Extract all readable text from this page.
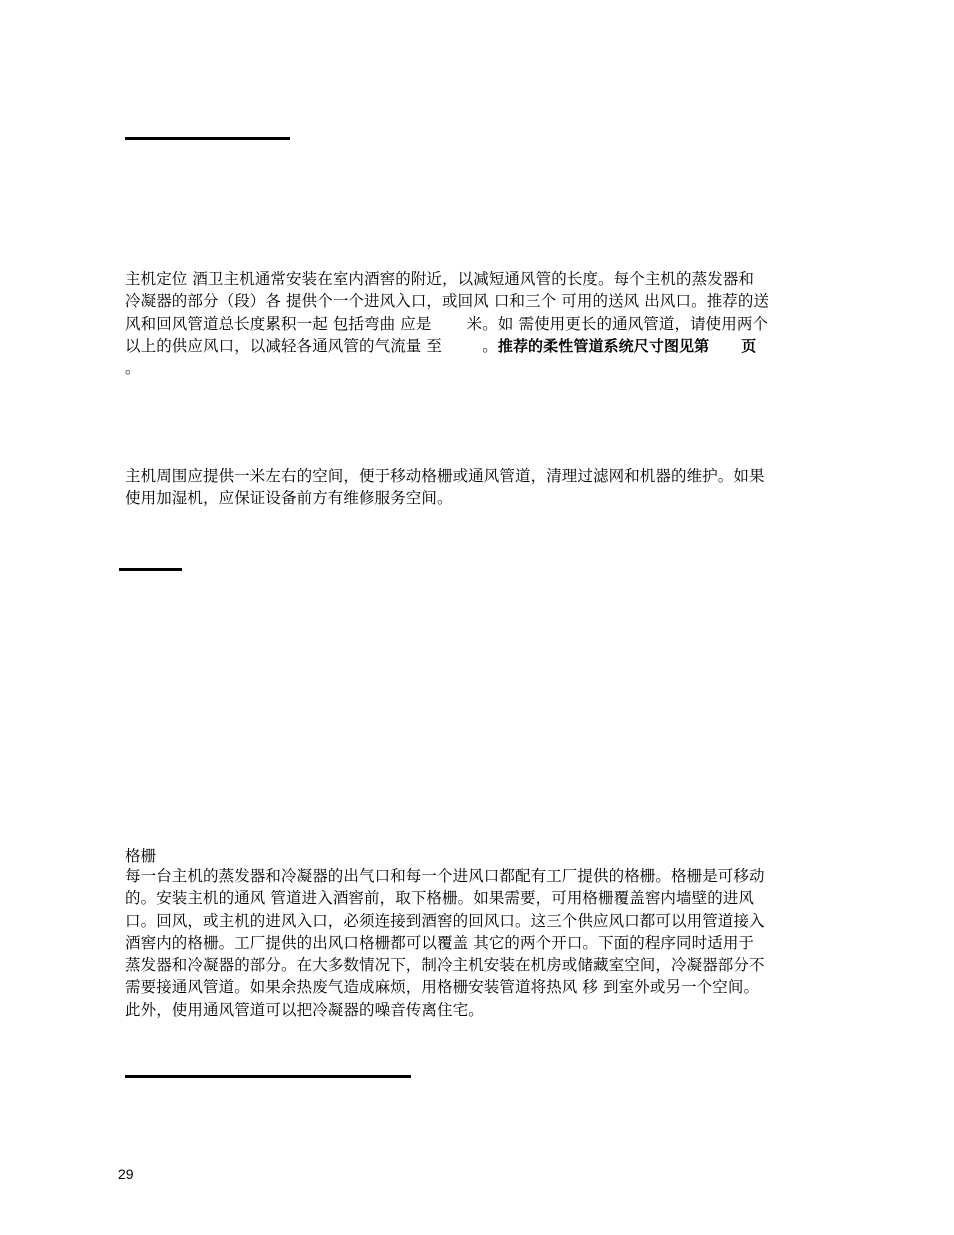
主机定位 酒卫主机通常安装在室内酒窖的附近，以减短通风管的长度。每个主机的蒸发器和
冷凝器的部分（段）各 提供个一个进风入口，或回风 口和三个 可用的送风 出风口。推荐的送
风和回风管道总长度累积一起 包括弯曲 应是       米。如 需使用更长的通风管道，请使用两个
以上的供应风口，以减轻各通风管的气流量 至        。推荐的柔性管道系统尺寸图见第      页
。
主机周围应提供一米左右的空间，便于移动格栅或通风管道，清理过滤网和机器的维护。如果
使用加湿机，应保证设备前方有维修服务空间。
格栅
每一台主机的蒸发器和冷凝器的出气口和每一个进风口都配有工厂提供的格栅。格栅是可移动
的。安装主机的通风 管道进入酒窖前，取下格栅。如果需要，可用格栅覆盖窖内墙壁的进风
口。回风，或主机的进风入口，必须连接到酒窖的回风口。这三个供应风口都可以用管道接入
酒窖内的格栅。工厂提供的出风口格栅都可以覆盖 其它的两个开口。下面的程序同时适用于
蒸发器和冷凝器的部分。在大多数情况下，制冷主机安装在机房或储藏室空间，冷凝器部分不
需要接通风管道。如果余热废气造成麻烦，用格栅安装管道将热风 移 到室外或另一个空间。
此外，使用通风管道可以把冷凝器的噪音传离住宅。
29
